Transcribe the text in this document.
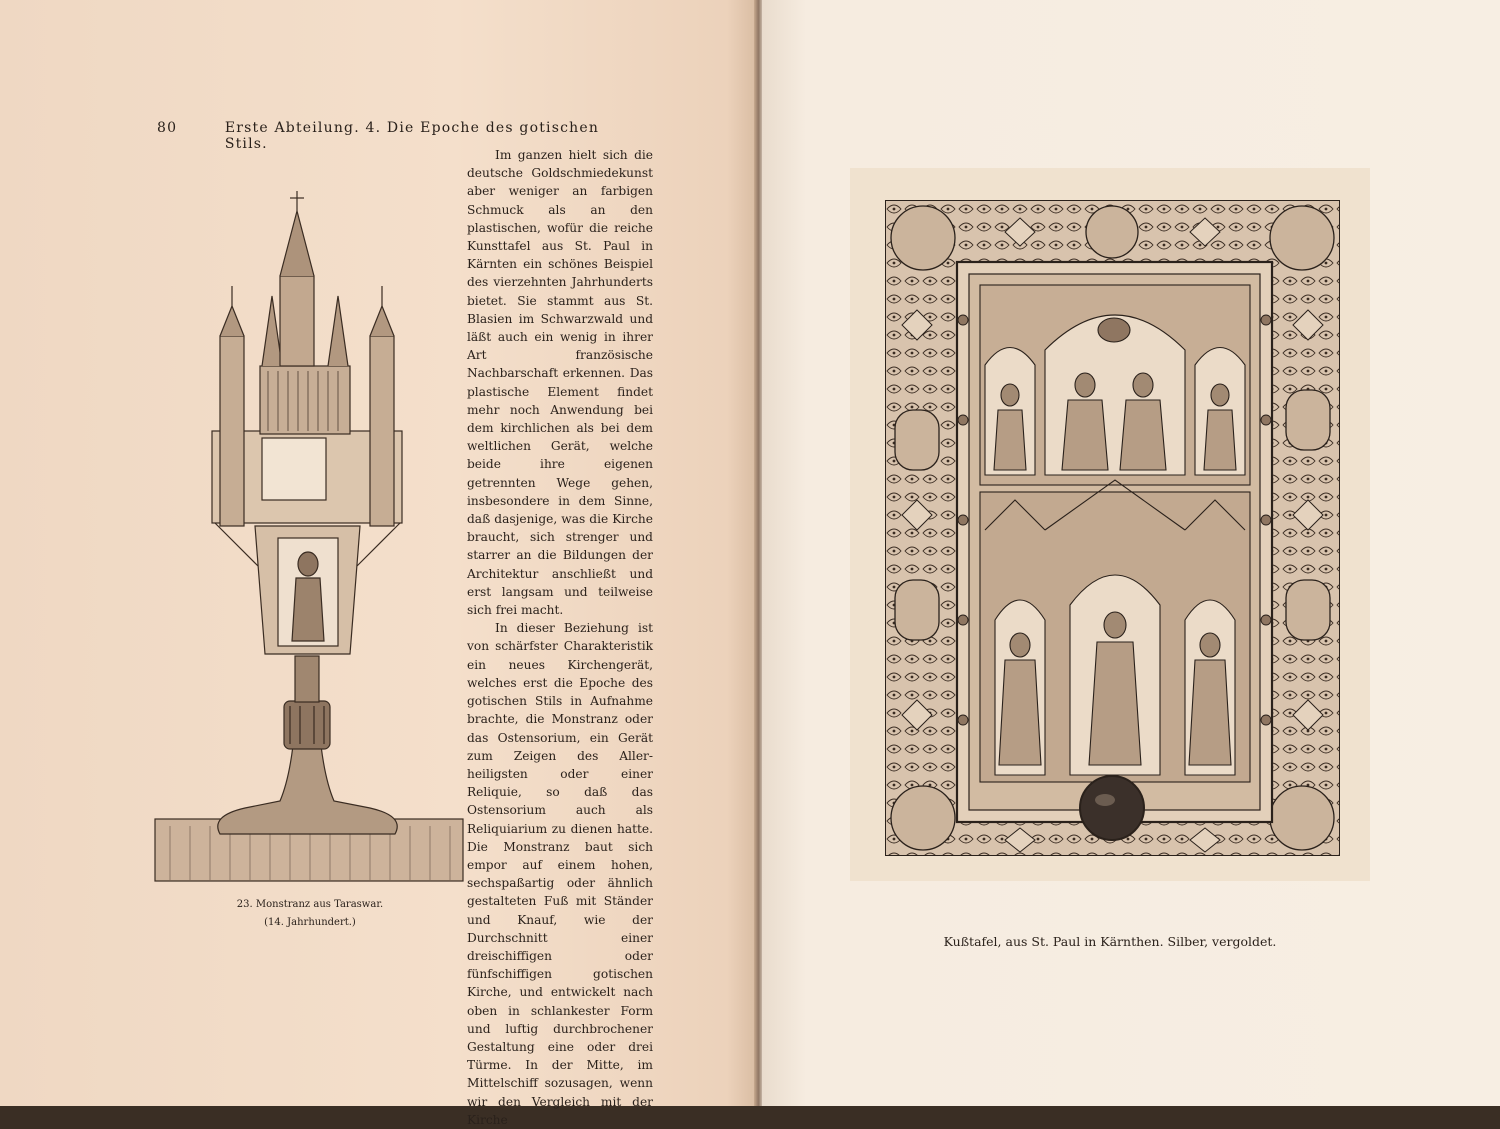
80	Erste Abteilung. 4. Die Epoche des gotischen Stils.
23. Monstranz aus Taraswar.
(14. Jahrhundert.)

Im ganzen hielt sich die deutsche Goldschmiedekunst aber weniger an farbigen Schmuck als an den plastischen, wofür die reiche Kunsttafel aus St. Paul in Kärnten ein schönes Beispiel des vierzehnten Jahrhunderts bietet. Sie stammt aus St. Blasien im Schwarzwald und läßt auch ein wenig in ihrer Art französische Nachbarschaft erkennen. Das plastische Element findet mehr noch Anwendung bei dem kirchlichen als bei dem weltlichen Gerät, welche beide ihre eigenen getrennten Wege gehen, insbesondere in dem Sinne, daß dasjenige, was die Kirche braucht, sich strenger und starrer an die Bildungen der Architektur anschließt und erst langsam und teilweise sich frei macht.

In dieser Beziehung ist von schärfster Charakteristik ein neues Kirchengerät, welches erst die Epoche des gotischen Stils in Aufnahme brachte, die Monstranz oder das Ostensorium, ein Gerät zum Zeigen des Allerheiligsten oder einer Reliquie, so daß das Ostensorium auch als Reliquiarium zu dienen hatte. Die Monstranz baut sich empor auf einem hohen, sechspaßartig oder ähnlich gestalteten Fuß mit Ständer und Knauf, wie der Durchschnitt einer dreischiffigen oder fünfschiffigen gotischen Kirche, und entwickelt nach oben in schlankester Form und luftig durchbrochener Gestaltung eine oder drei Türme. In der Mitte, im Mittelschiff sozusagen, wenn wir den Vergleich mit der Kirche

Kußtafel, aus St. Paul in Kärnthen. Silber, vergoldet.
